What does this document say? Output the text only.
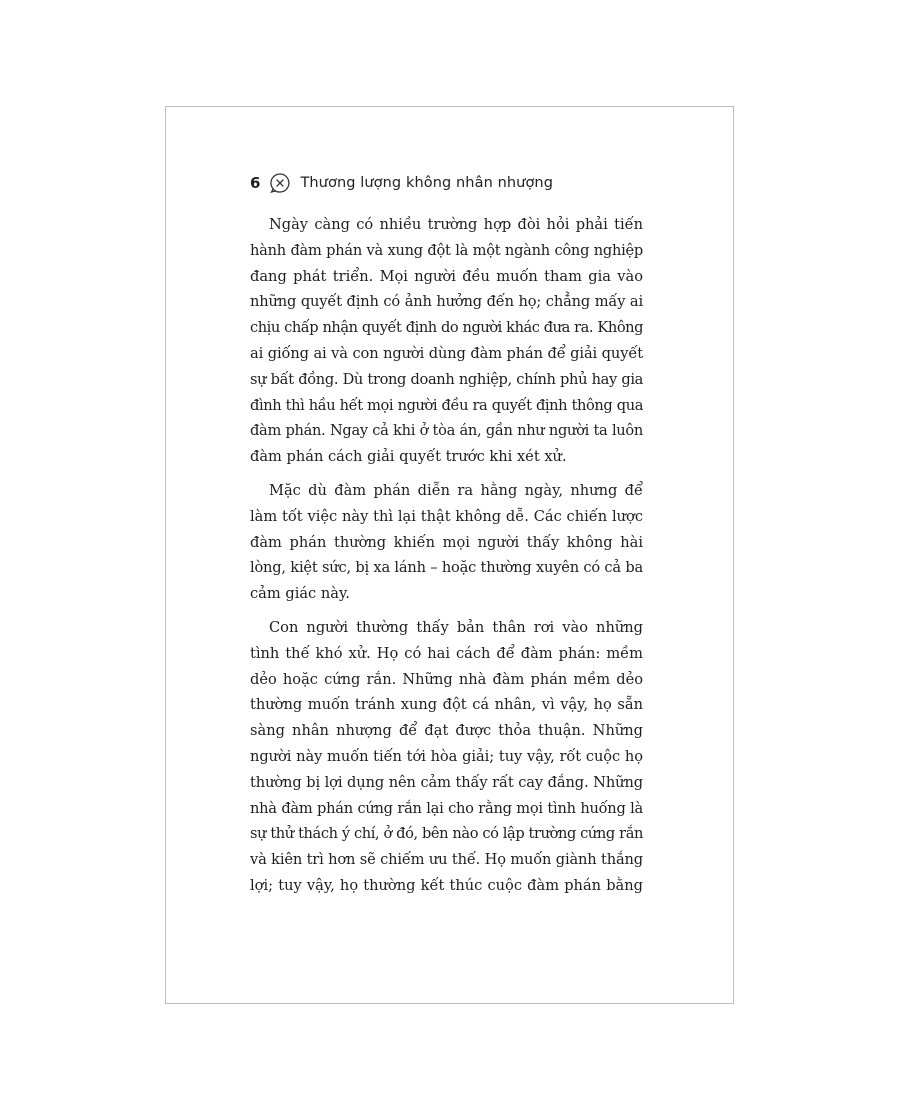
6	Thương lượng không nhân nhượng

Ngày càng có nhiều trường hợp đòi hỏi phải tiến
hành đàm phán và xung đột là một ngành công nghiệp
đang phát triển. Mọi người đều muốn tham gia vào
những quyết định có ảnh hưởng đến họ; chẳng mấy ai
chịu chấp nhận quyết định do người khác đưa ra. Không
ai giống ai và con người dùng đàm phán để giải quyết
sự bất đồng. Dù trong doanh nghiệp, chính phủ hay gia
đình thì hầu hết mọi người đều ra quyết định thông qua
đàm phán. Ngay cả khi ở tòa án, gần như người ta luôn
đàm phán cách giải quyết trước khi xét xử.

Mặc dù đàm phán diễn ra hằng ngày, nhưng để
làm tốt việc này thì lại thật không dễ. Các chiến lược
đàm phán thường khiến mọi người thấy không hài
lòng, kiệt sức, bị xa lánh – hoặc thường xuyên có cả ba
cảm giác này.

Con người thường thấy bản thân rơi vào những
tình thế khó xử. Họ có hai cách để đàm phán: mềm
dẻo hoặc cứng rắn. Những nhà đàm phán mềm dẻo
thường muốn tránh xung đột cá nhân, vì vậy, họ sẵn
sàng nhân nhượng để đạt được thỏa thuận. Những
người này muốn tiến tới hòa giải; tuy vậy, rốt cuộc họ
thường bị lợi dụng nên cảm thấy rất cay đắng. Những
nhà đàm phán cứng rắn lại cho rằng mọi tình huống là
sự thử thách ý chí, ở đó, bên nào có lập trường cứng rắn
và kiên trì hơn sẽ chiếm ưu thế. Họ muốn giành thắng
lợi; tuy vậy, họ thường kết thúc cuộc đàm phán bằng
